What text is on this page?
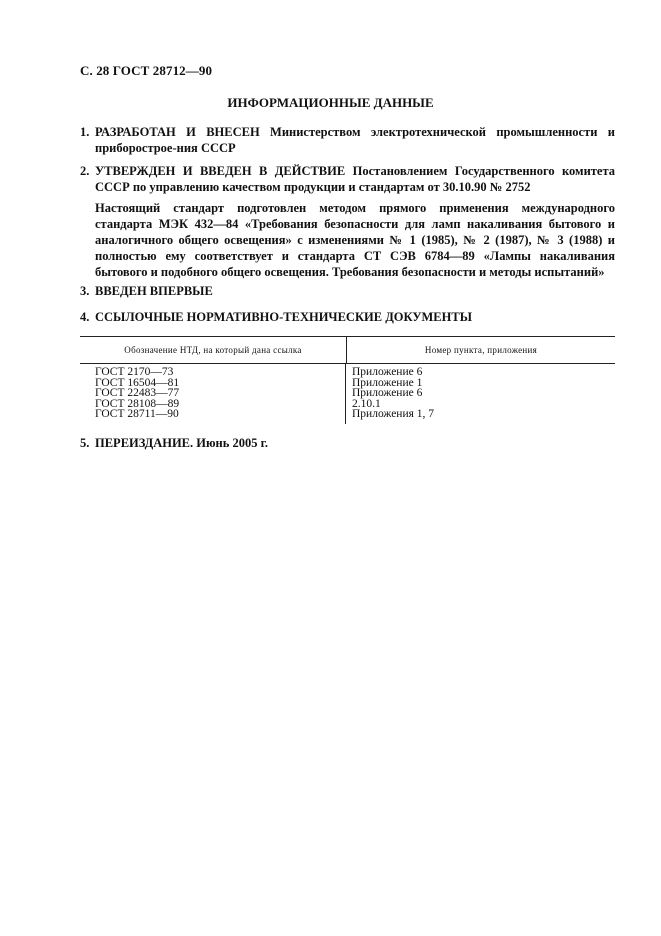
С. 28 ГОСТ 28712—90
ИНФОРМАЦИОННЫЕ ДАННЫЕ
1. РАЗРАБОТАН И ВНЕСЕН Министерством электротехнической промышленности и приборострое-ния СССР
2. УТВЕРЖДЕН И ВВЕДЕН В ДЕЙСТВИЕ Постановлением Государственного комитета СССР по управлению качеством продукции и стандартам от 30.10.90 № 2752
Настоящий стандарт подготовлен методом прямого применения международного стандарта МЭК 432—84 «Требования безопасности для ламп накаливания бытового и аналогичного общего освещения» с изменениями № 1 (1985), № 2 (1987), № 3 (1988) и полностью ему соответствует и стандарта СТ СЭВ 6784—89 «Лампы накаливания бытового и подобного общего освещения. Требования безопасности и методы испытаний»
3. ВВЕДЕН ВПЕРВЫЕ
4. ССЫЛОЧНЫЕ НОРМАТИВНО-ТЕХНИЧЕСКИЕ ДОКУМЕНТЫ
Обозначение НТД, на который дана ссылка	Номер пункта, приложения
ГОСТ 2170—73
ГОСТ 16504—81
ГОСТ 22483—77
ГОСТ 28108—89
ГОСТ 28711—90
Приложение 6
Приложение 1
Приложение 6
2.10.1
Приложения 1, 7
5. ПЕРЕИЗДАНИЕ. Июнь 2005 г.
